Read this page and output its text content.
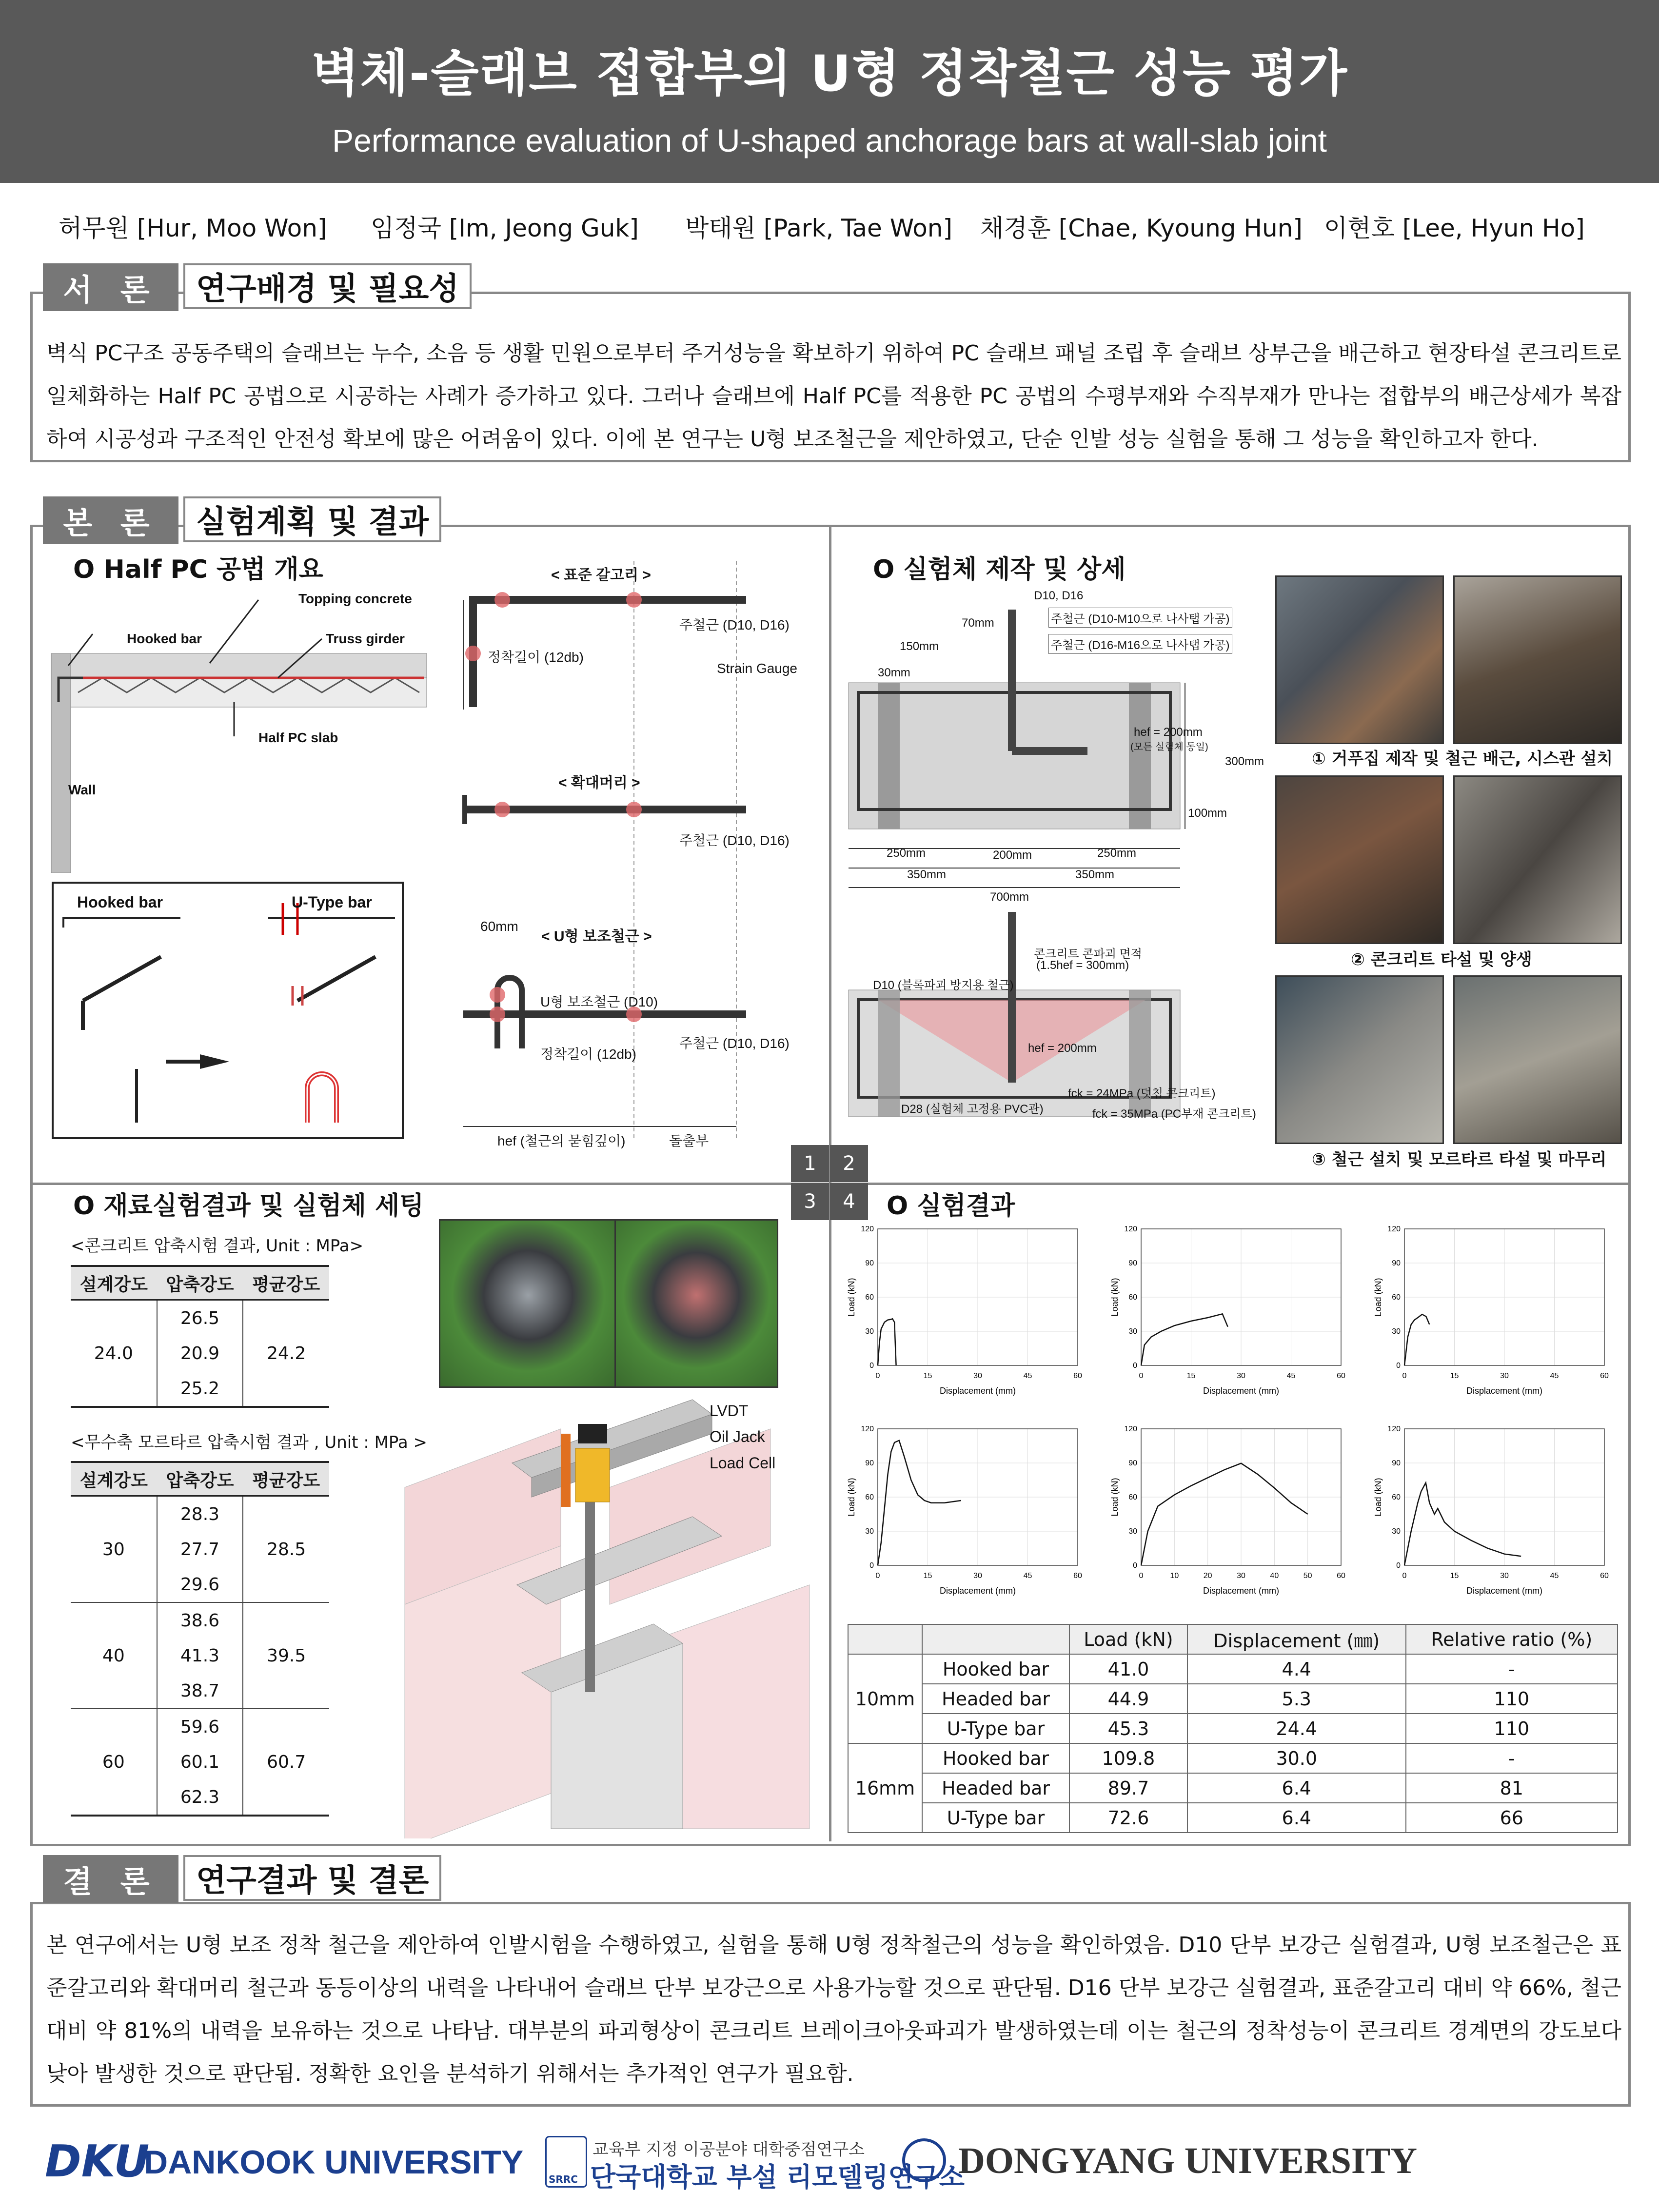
벽체-슬래브 접합부의 U형 정착철근 성능 평가
Performance evaluation of U-shaped anchorage bars at wall-slab joint
허무원 [Hur, Moo Won] 임정국 [Im, Jeong Guk] 박태원 [Park, Tae Won] 채경훈 [Chae, Kyoung Hun] 이현호 [Lee, Hyun Ho]
벽식 PC구조 공동주택의 슬래브는 누수, 소음 등 생활 민원으로부터 주거성능을 확보하기 위하여 PC 슬래브 패널 조립 후 슬래브 상부근을 배근하고 현장타설 콘크리트로 일체화하는 Half PC 공법으로 시공하는 사례가 증가하고 있다. 그러나 슬래브에 Half PC를 적용한 PC 공법의 수평부재와 수직부재가 만나는 접합부의 배근상세가 복잡하여 시공성과 구조적인 안전성 확보에 많은 어려움이 있다. 이에 본 연구는 U형 보조철근을 제안하였고, 단순 인발 성능 실험을 통해 그 성능을 확인하고자 한다.
서 론	연구배경 및 필요성
본 론	실험계획 및 결과
1	2
3	4
O Half PC 공법 개요
Topping concrete
Hooked bar	Truss girder
Half PC slab
Wall
Hooked bar	U-Type bar
< 표준 갈고리 >
주철근 (D10, D16)
Strain Gauge
정착길이 (12db)
< 확대머리 >
주철근 (D10, D16)
60mm
< U형 보조철근 >
U형 보조철근 (D10)
정착길이 (12db)
주철근 (D10, D16)
hef (철근의 묻힘깊이)	돌출부
O 실험체 제작 및 상세
D10, D16
주철근 (D10-M10으로 나사탭 가공)
주철근 (D16-M16으로 나사탭 가공)
70mm
150mm
30mm
hef = 200mm
(모든 실험체 동일)
300mm
100mm
250mm	200mm	250mm
350mm	350mm
700mm
콘크리트 콘파괴 면적
(1.5hef = 300mm)
D10 (블록파괴 방지용 철근)
hef = 200mm
fck = 24MPa (덧침 콘크리트)
fck = 35MPa (PC부재 콘크리트)
D28 (실험체 고정용 PVC관)
① 거푸집 제작 및 철근 배근, 시스관 설치
② 콘크리트 타설 및 양생
③ 철근 설치 및 모르타르 타설 및 마무리
O 재료실험결과 및 실험체 세팅
<콘크리트 압축시험 결과, Unit : MPa>
설계강도	압축강도	평균강도
24.0	26.5	24.2
	20.9	
	25.2	
<무수축 모르타르 압축시험 결과 , Unit : MPa >
설계강도	압축강도	평균강도
30	28.3	28.5
	27.7	
	29.6	
40	38.6	39.5
	41.3	
	38.7	
60	59.6	60.7
	60.1	
	62.3	
LVDT
Oil Jack
Load Cell
O 실험결과
0	15	30	45	60
0
30
60
90
120
Displacement (mm)
Load (kN)
0	15	30	45	60
0
30
60
90
120
Displacement (mm)
Load (kN)
0	15	30	45	60
0
30
60
90
120
Displacement (mm)
Load (kN)
0	15	30	45	60
0
30
60
90
120
Displacement (mm)
Load (kN)
0	10	20	30	40	50	60
0
30
60
90
120
Displacement (mm)
Load (kN)
0	15	30	45	60
0
30
60
90
120
Displacement (mm)
Load (kN)
		Load (kN)	Displacement (㎜)	Relative ratio (%)
10mm	Hooked bar	41.0	4.4	-
	Headed bar	44.9	5.3	110
	U-Type bar	45.3	24.4	110
16mm	Hooked bar	109.8	30.0	-
	Headed bar	89.7	6.4	81
	U-Type bar	72.6	6.4	66
본 연구에서는 U형 보조 정착 철근을 제안하여 인발시험을 수행하였고, 실험을 통해 U형 정착철근의 성능을 확인하였음. D10 단부 보강근 실험결과, U형 보조철근은 표준갈고리와 확대머리 철근과 동등이상의 내력을 나타내어 슬래브 단부 보강근으로 사용가능할 것으로 판단됨. D16 단부 보강근 실험결과, 표준갈고리 대비 약 66%, 철근 대비 약 81%의 내력을 보유하는 것으로 나타남. 대부분의 파괴형상이 콘크리트 브레이크아웃파괴가 발생하였는데 이는 철근의 정착성능이 콘크리트 경계면의 강도보다 낮아 발생한 것으로 판단됨. 정확한 요인을 분석하기 위해서는 추가적인 연구가 필요함.
결 론	연구결과 및 결론
DKU
DANKOOK UNIVERSITY	SRRC
교육부 지정 이공분야 대학중점연구소
단국대학교 부설 리모델링연구소
DONGYANG UNIVERSITY
